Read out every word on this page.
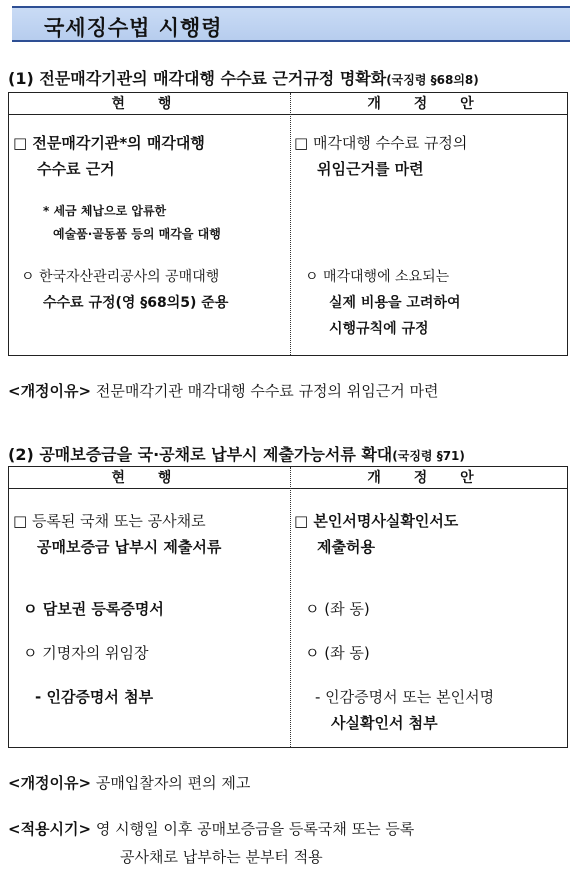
국세징수법 시행령
(1) 전문매각기관의 매각대행 수수료 근거규정 명확화(국징령 §68의8)
현 행	개 정 안
□ 전문매각기관*의 매각대행
수수료 근거
* 세금 체납으로 압류한
예술품·골동품 등의 매각을 대행
ㅇ 한국자산관리공사의 공매대행
수수료 규정(영 §68의5) 준용
□ 매각대행 수수료 규정의
위임근거를 마련
ㅇ 매각대행에 소요되는
실제 비용을 고려하여
시행규칙에 규정
<개정이유> 전문매각기관 매각대행 수수료 규정의 위임근거 마련
(2) 공매보증금을 국·공채로 납부시 제출가능서류 확대(국징령 §71)
현 행	개 정 안
□ 등록된 국채 또는 공사채로
공매보증금 납부시 제출서류
ㅇ 담보권 등록증명서
ㅇ 기명자의 위임장
- 인감증명서 첨부
□ 본인서명사실확인서도
제출허용
ㅇ (좌 동)
ㅇ (좌 동)
- 인감증명서 또는 본인서명
사실확인서 첨부
<개정이유> 공매입찰자의 편의 제고
<적용시기> 영 시행일 이후 공매보증금을 등록국채 또는 등록
공사채로 납부하는 분부터 적용
